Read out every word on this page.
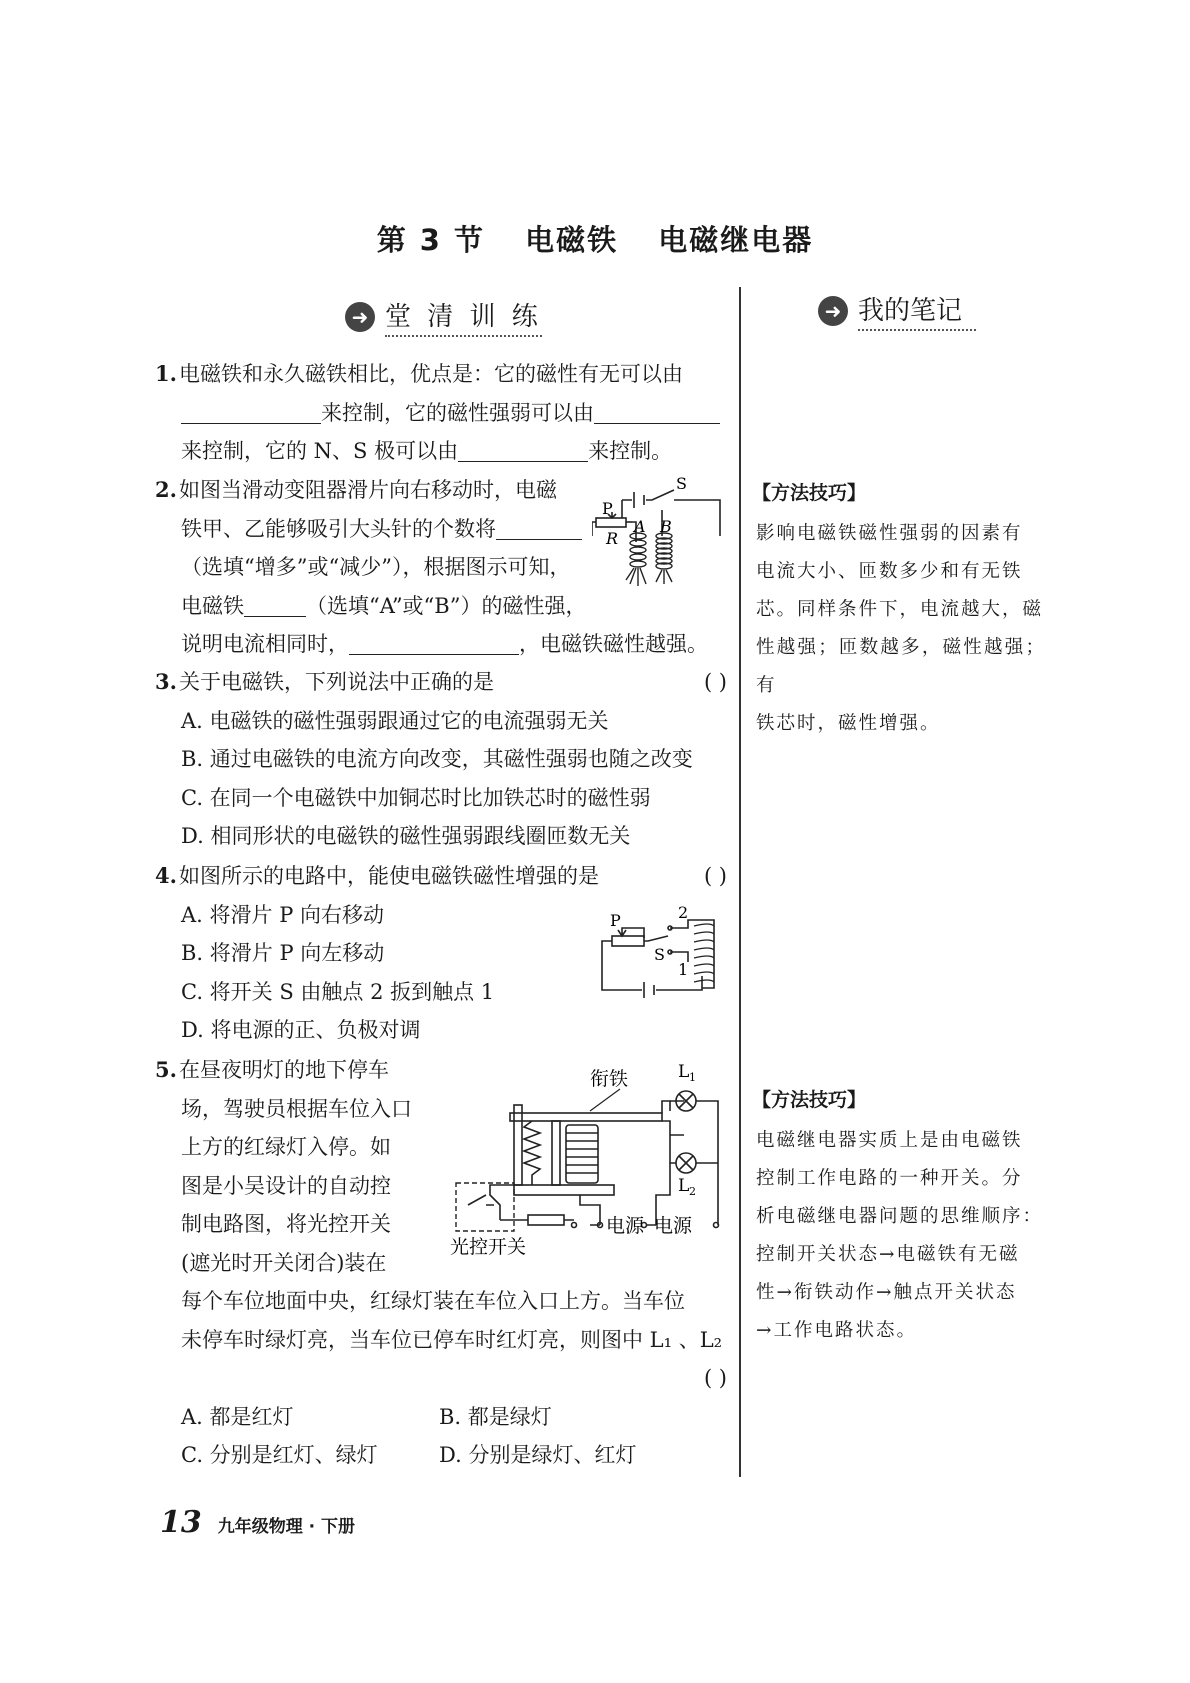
第 3 节 电磁铁 电磁继电器
➜ 堂 清 训 练	➜ 我的笔记
1.电磁铁和永久磁铁相比，优点是：它的磁性有无可以由
来控制，它的磁性强弱可以由
来控制，它的 N、S 极可以由	来控制。
2.如图当滑动变阻器滑片向右移动时，电磁
铁甲、乙能够吸引大头针的个数将
（选填“增多”或“减少”），根据图示可知，
电磁铁	（选填“A”或“B”）的磁性强，
说明电流相同时，	，电磁铁磁性越强。
S
P
R
A B
3.关于电磁铁，下列说法中正确的是	( )
A. 电磁铁的磁性强弱跟通过它的电流强弱无关
B. 通过电磁铁的电流方向改变，其磁性强弱也随之改变
C. 在同一个电磁铁中加铜芯时比加铁芯时的磁性弱
D. 相同形状的电磁铁的磁性强弱跟线圈匝数无关
4.如图所示的电路中，能使电磁铁磁性增强的是	( )
A. 将滑片 P 向右移动
B. 将滑片 P 向左移动
C. 将开关 S 由触点 2 扳到触点 1
D. 将电源的正、负极对调
P	2
S
1
5.在昼夜明灯的地下停车
场，驾驶员根据车位入口
上方的红绿灯入停。如
图是小吴设计的自动控
制电路图，将光控开关
(遮光时开关闭合)装在
每个车位地面中央，红绿灯装在车位入口上方。当车位
未停车时绿灯亮，当车位已停车时红灯亮，则图中 L₁ 、L₂
( )

A. 都是红灯	B. 都是绿灯
C. 分别是红灯、绿灯	D. 分别是绿灯、红灯
衔铁	L 1
L 2
电源 电源
光控开关
【方法技巧】
影响电磁铁磁性强弱的因素有
电流大小、匝数多少和有无铁
芯。同样条件下，电流越大，磁
性越强；匝数越多，磁性越强；有
铁芯时，磁性增强。
【方法技巧】
电磁继电器实质上是由电磁铁
控制工作电路的一种开关。分
析电磁继电器问题的思维顺序：
控制开关状态→电磁铁有无磁
性→衔铁动作→触点开关状态
→工作电路状态。
13 九年级物理 · 下册
